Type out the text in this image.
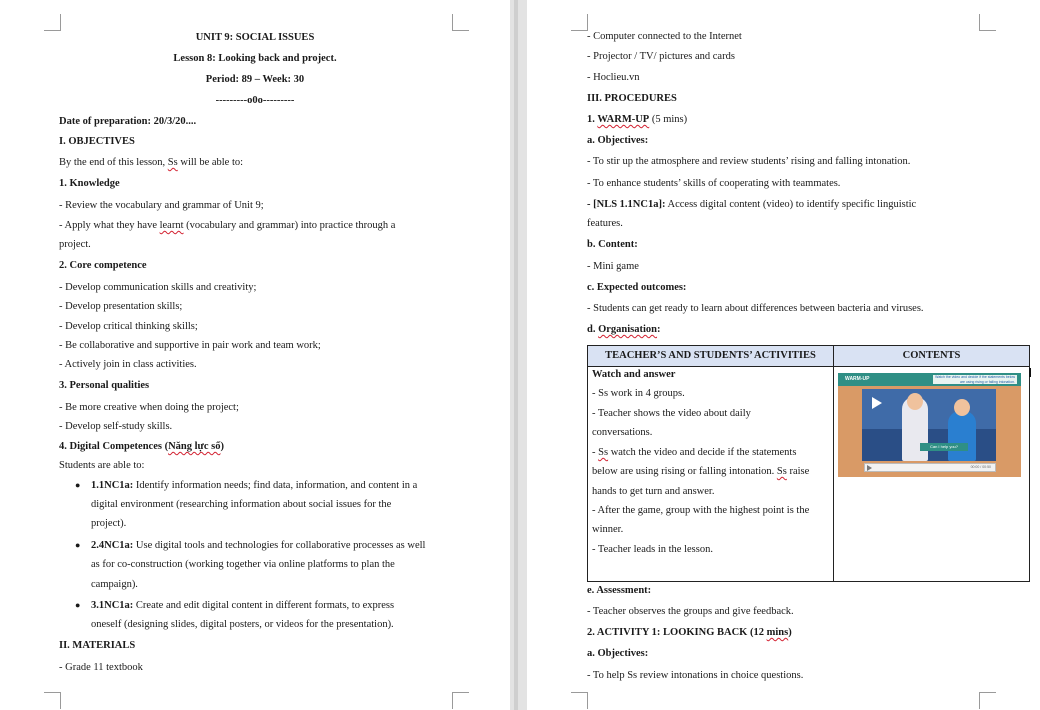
UNIT 9: SOCIAL ISSUES
Lesson 8: Looking back and project.
Period: 89 – Week: 30
---------o0o---------
Date of preparation: 20/3/20....
I. OBJECTIVES
By the end of this lesson, Ss will be able to:
1. Knowledge
- Review the vocabulary and grammar of Unit 9;
- Apply what they have learnt (vocabulary and grammar) into practice through a
project.
2. Core competence
- Develop communication skills and creativity;
- Develop presentation skills;
- Develop critical thinking skills;
- Be collaborative and supportive in pair work and team work;
- Actively join in class activities.
3. Personal qualities
- Be more creative when doing the project;
- Develop self-study skills.
4. Digital Competences (Năng lực số)
Students are able to:
● 1.1NC1a: Identify information needs; find data, information, and content in a
digital environment (researching information about social issues for the
project).
● 2.4NC1a: Use digital tools and technologies for collaborative processes as well
as for co-construction (working together via online platforms to plan the
campaign).
● 3.1NC1a: Create and edit digital content in different formats, to express
oneself (designing slides, digital posters, or videos for the presentation).
II. MATERIALS
- Grade 11 textbook
- Computer connected to the Internet
- Projector / TV/ pictures and cards
- Hoclieu.vn
III. PROCEDURES
1. WARM-UP (5 mins)
a. Objectives:
- To stir up the atmosphere and review students’ rising and falling intonation.
- To enhance students’ skills of cooperating with teammates.
- [NLS 1.1NC1a]: Access digital content (video) to identify specific linguistic
features.
b. Content:
- Mini game
c. Expected outcomes:
- Students can get ready to learn about differences between bacteria and viruses.
d. Organisation:
TEACHER’S AND STUDENTS’ ACTIVITIES	CONTENTS
Watch and answer
- Ss work in 4 groups.
- Teacher shows the video about daily
conversations.
- Ss watch the video and decide if the statements
below are using rising or falling intonation. Ss raise
hands to get turn and answer.
- After the game, group with the highest point is the
winner.
- Teacher leads in the lesson.
WARM-UP	Watch the video and decide if the statements below are using rising or falling intonation.
Can I help you?
00:00 / 00:50
e. Assessment:
- Teacher observes the groups and give feedback.
2. ACTIVITY 1: LOOKING BACK (12 mins)
a. Objectives:
- To help Ss review intonations in choice questions.
